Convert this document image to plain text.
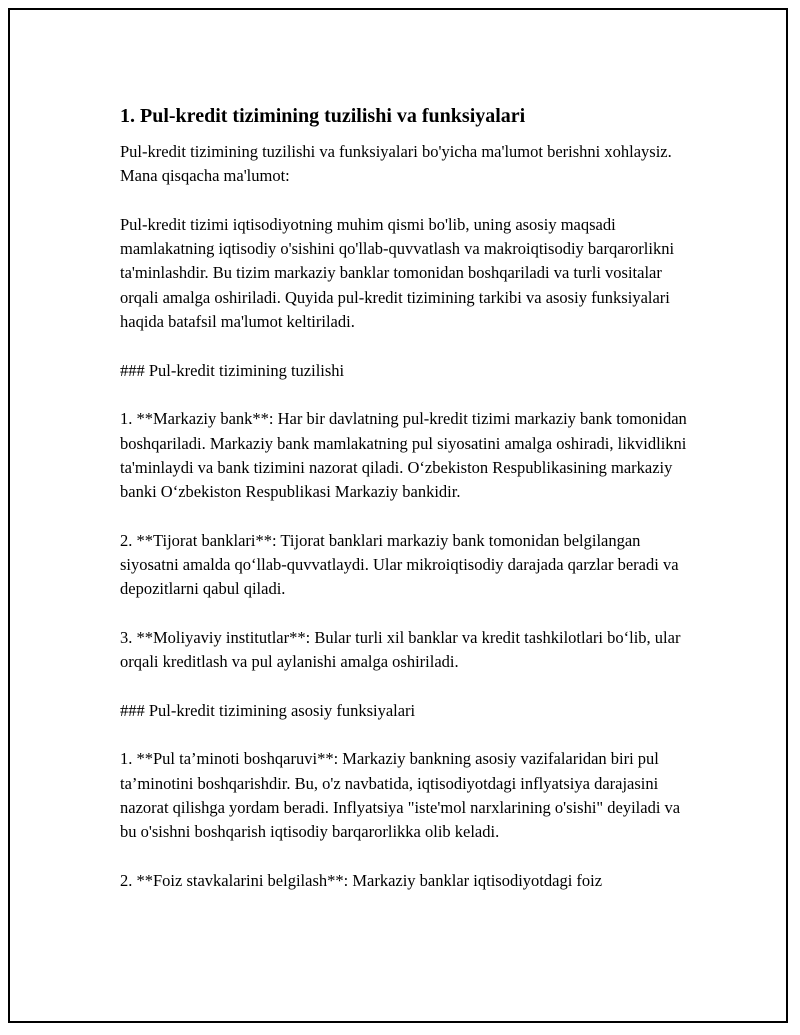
1. Pul-kredit tizimining tuzilishi va funksiyalari

Pul-kredit tizimining tuzilishi va funksiyalari bo'yicha ma'lumot berishni xohlaysiz. Mana qisqacha ma'lumot:

Pul-kredit tizimi iqtisodiyotning muhim qismi bo'lib, uning asosiy maqsadi mamlakatning iqtisodiy o'sishini qo'llab-quvvatlash va makroiqtisodiy barqarorlikni ta'minlashdir. Bu tizim markaziy banklar tomonidan boshqariladi va turli vositalar orqali amalga oshiriladi. Quyida pul-kredit tizimining tarkibi va asosiy funksiyalari haqida batafsil ma'lumot keltiriladi.

### Pul-kredit tizimining tuzilishi

1. **Markaziy bank**: Har bir davlatning pul-kredit tizimi markaziy bank tomonidan boshqariladi. Markaziy bank mamlakatning pul siyosatini amalga oshiradi, likvidlikni ta'minlaydi va bank tizimini nazorat qiladi. O‘zbekiston Respublikasining markaziy banki O‘zbekiston Respublikasi Markaziy bankidir.

2. **Tijorat banklari**: Tijorat banklari markaziy bank tomonidan belgilangan siyosatni amalda qo‘llab-quvvatlaydi. Ular mikroiqtisodiy darajada qarzlar beradi va depozitlarni qabul qiladi.

3. **Moliyaviy institutlar**: Bular turli xil banklar va kredit tashkilotlari bo‘lib, ular orqali kreditlash va pul aylanishi amalga oshiriladi.

### Pul-kredit tizimining asosiy funksiyalari

1. **Pul ta’minoti boshqaruvi**: Markaziy bankning asosiy vazifalaridan biri pul ta’minotini boshqarishdir. Bu, o'z navbatida, iqtisodiyotdagi inflyatsiya darajasini nazorat qilishga yordam beradi. Inflyatsiya "iste'mol narxlarining o'sishi" deyiladi va bu o'sishni boshqarish iqtisodiy barqarorlikka olib keladi.

2. **Foiz stavkalarini belgilash**: Markaziy banklar iqtisodiyotdagi foiz
